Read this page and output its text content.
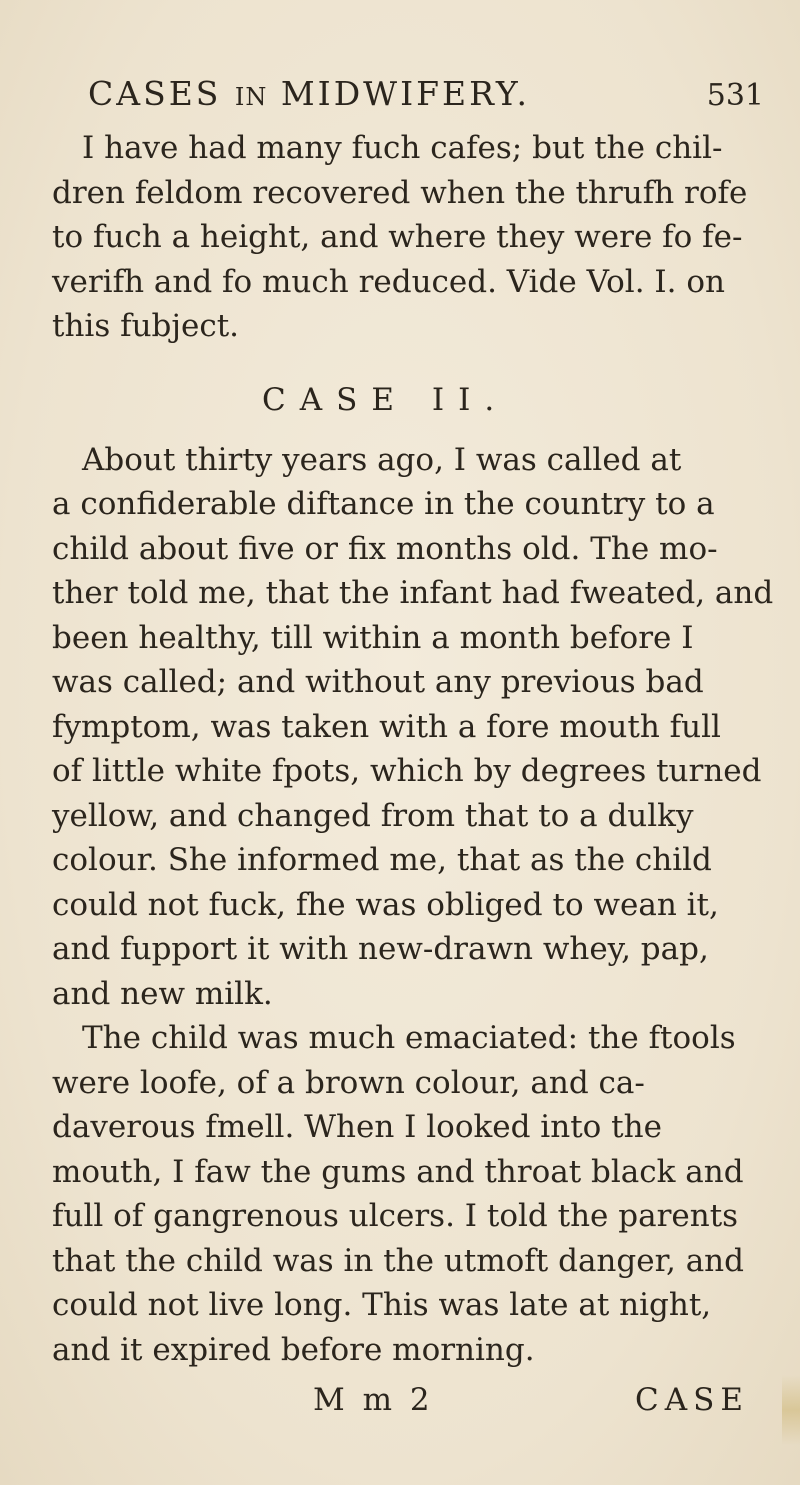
CASES IN MIDWIFERY.	531
I have had many fuch cafes; but the chil-
dren feldom recovered when the thrufh rofe
to fuch a height, and where they were fo fe-
verifh and fo much reduced. Vide Vol. I. on
this fubject.
CASE II.
About thirty years ago, I was called at
a confiderable diftance in the country to a
child about five or fix months old. The mo-
ther told me, that the infant had fweated, and
been healthy, till within a month before I
was called; and without any previous bad
fymptom, was taken with a fore mouth full
of little white fpots, which by degrees turned
yellow, and changed from that to a dulky
colour. She informed me, that as the child
could not fuck, fhe was obliged to wean it,
and fupport it with new-drawn whey, pap,
and new milk.
The child was much emaciated: the ftools
were loofe, of a brown colour, and ca-
daverous fmell. When I looked into the
mouth, I faw the gums and throat black and
full of gangrenous ulcers. I told the parents
that the child was in the utmoft danger, and
could not live long. This was late at night,
and it expired before morning.
M m 2	CASE
